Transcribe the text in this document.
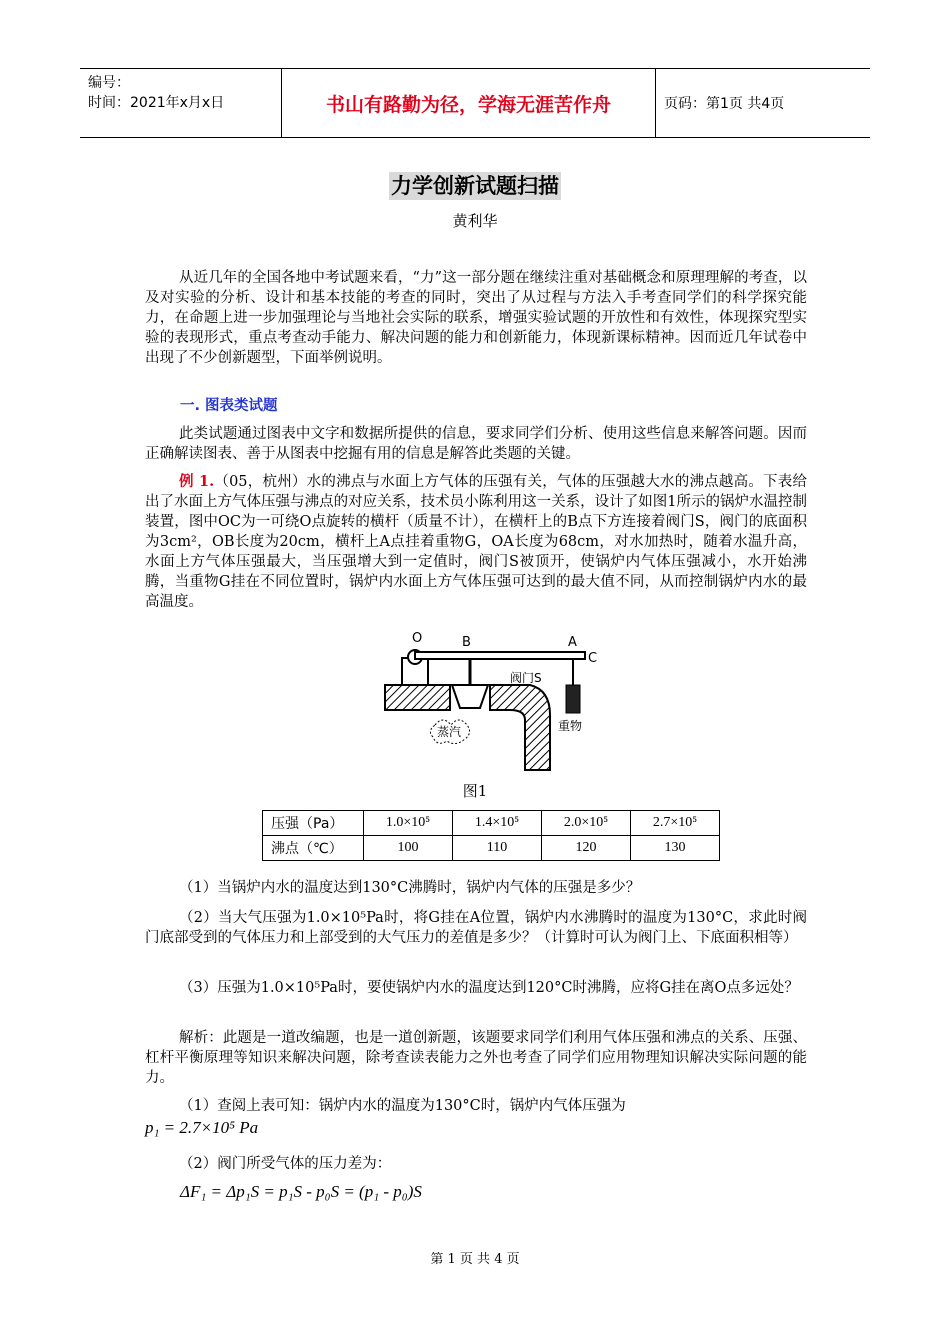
编号：
时间：2021年x月x日	书山有路勤为径，学海无涯苦作舟	页码：第1页 共4页
力学创新试题扫描
黄利华

从近几年的全国各地中考试题来看，“力”这一部分题在继续注重对基础概念和原理理解的考查，以及对实验的分析、设计和基本技能的考查的同时，突出了从过程与方法入手考查同学们的科学探究能力，在命题上进一步加强理论与当地社会实际的联系，增强实验试题的开放性和有效性，体现探究型实验的表现形式，重点考查动手能力、解决问题的能力和创新能力，体现新课标精神。因而近几年试卷中出现了不少创新题型，下面举例说明。

一. 图表类试题

此类试题通过图表中文字和数据所提供的信息，要求同学们分析、使用这些信息来解答问题。因而正确解读图表、善于从图表中挖掘有用的信息是解答此类题的关键。

例 1.（05，杭州）水的沸点与水面上方气体的压强有关，气体的压强越大水的沸点越高。下表给出了水面上方气体压强与沸点的对应关系，技术员小陈利用这一关系，设计了如图1所示的锅炉水温控制装置，图中OC为一可绕O点旋转的横杆（质量不计），在横杆上的B点下方连接着阀门S，阀门的底面积为3cm²，OB长度为20cm，横杆上A点挂着重物G，OA长度为68cm，对水加热时，随着水温升高，水面上方气体压强最大，当压强增大到一定值时，阀门S被顶开，使锅炉内气体压强减小，水开始沸腾，当重物G挂在不同位置时，锅炉内水面上方气体压强可达到的最大值不同，从而控制锅炉内水的最高温度。

O	B	A
C
阀门S
蒸汽	重物
图1
压强（Pa）	1.0×10⁵	1.4×10⁵	2.0×10⁵	2.7×10⁵
沸点（℃）	100	110	120	130

（1）当锅炉内水的温度达到130°C沸腾时，锅炉内气体的压强是多少？

（2）当大气压强为1.0×10⁵Pa时，将G挂在A位置，锅炉内水沸腾时的温度为130°C，求此时阀门底部受到的气体压力和上部受到的大气压力的差值是多少？（计算时可认为阀门上、下底面积相等）

（3）压强为1.0×10⁵Pa时，要使锅炉内水的温度达到120°C时沸腾，应将G挂在离O点多远处？

解析：此题是一道改编题，也是一道创新题，该题要求同学们利用气体压强和沸点的关系、压强、杠杆平衡原理等知识来解决问题，除考查读表能力之外也考查了同学们应用物理知识解决实际问题的能力。

（1）查阅上表可知：锅炉内水的温度为130°C时，锅炉内气体压强为

p₁ = 2.7×10⁵ Pa

（2）阀门所受气体的压力差为：

ΔF₁ = Δp₁S = p₁S - p₀S = (p₁ - p₀)S
第 1 页 共 4 页
